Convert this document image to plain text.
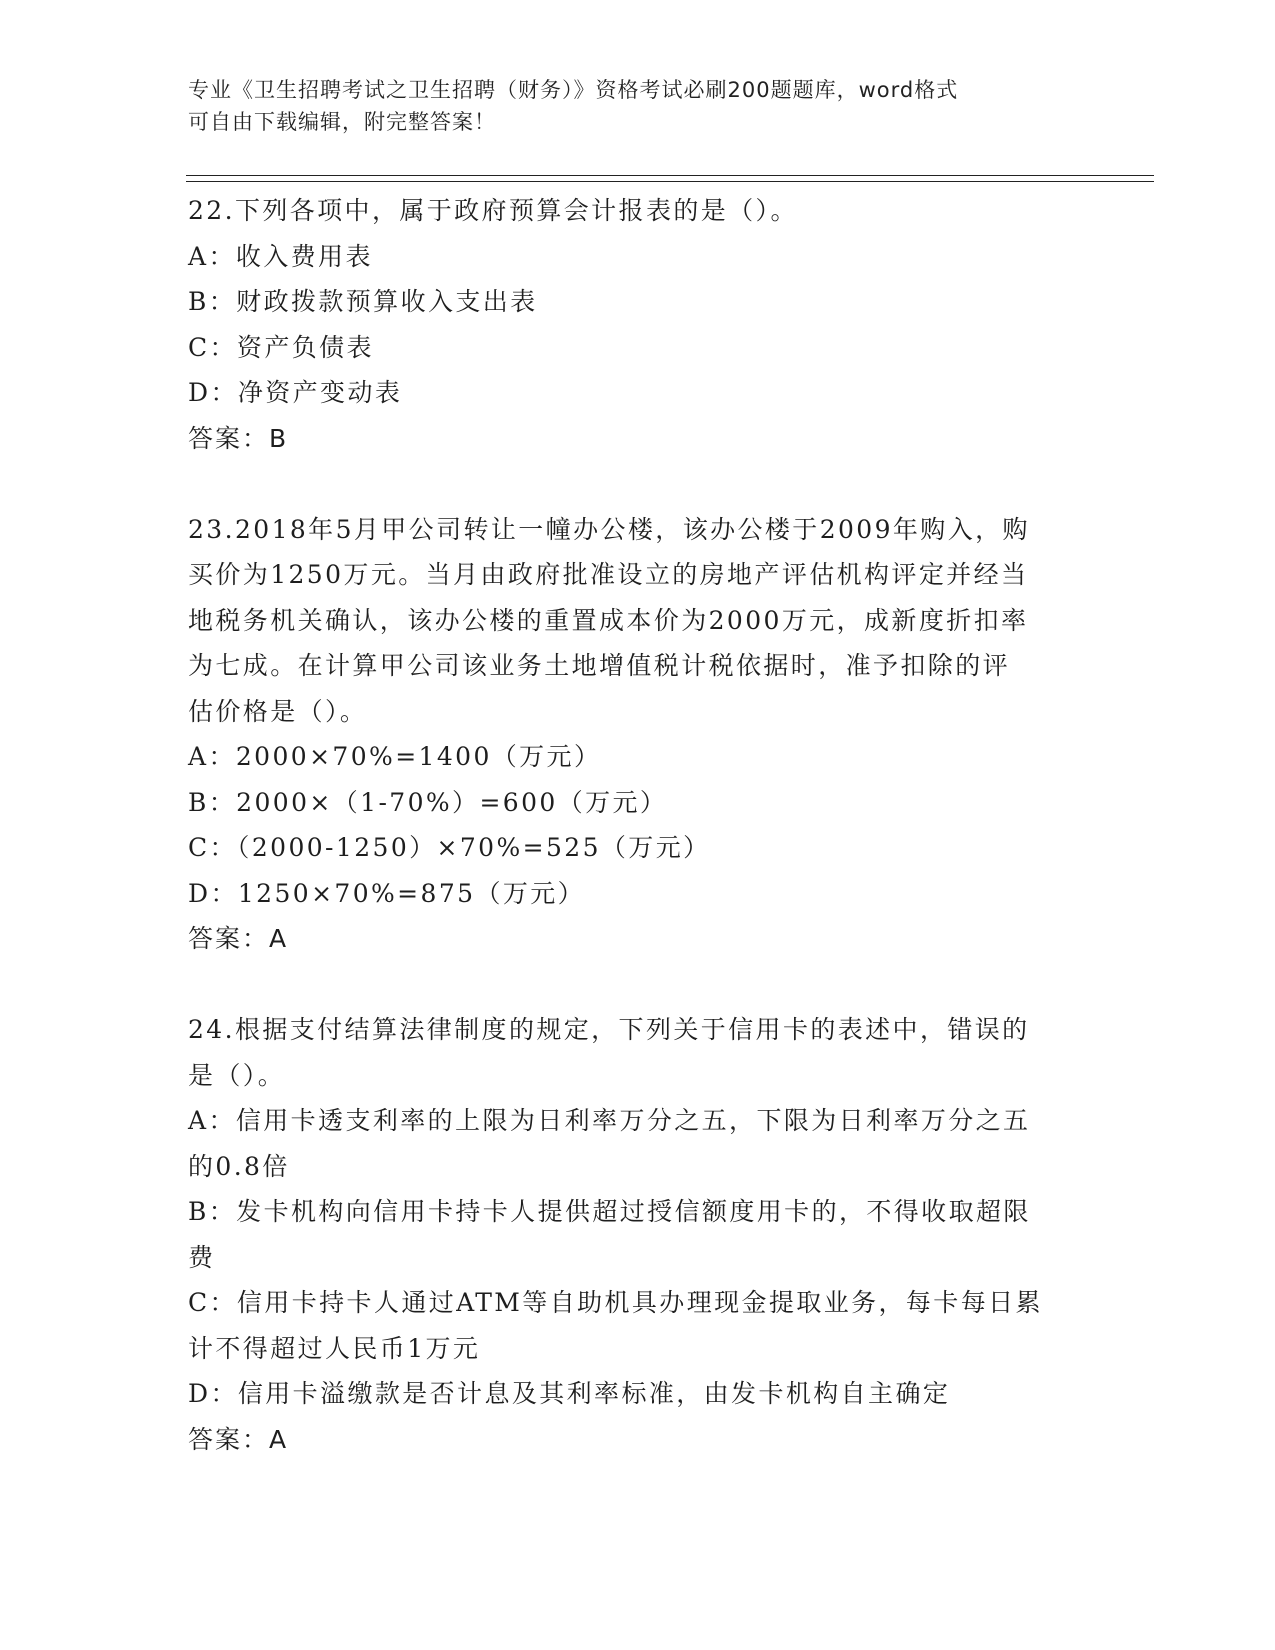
专业《卫生招聘考试之卫生招聘（财务）》资格考试必刷200题题库，word格式
可自由下载编辑，附完整答案！
22.下列各项中，属于政府预算会计报表的是（）。
A：收入费用表
B：财政拨款预算收入支出表
C：资产负债表
D：净资产变动表
答案：B
23.2018年5月甲公司转让一幢办公楼，该办公楼于2009年购入，购
买价为1250万元。当月由政府批准设立的房地产评估机构评定并经当
地税务机关确认，该办公楼的重置成本价为2000万元，成新度折扣率
为七成。在计算甲公司该业务土地增值税计税依据时，准予扣除的评
估价格是（）。
A：2000×70%=1400（万元）
B：2000×（1-70%）=600（万元）
C：（2000-1250）×70%=525（万元）
D：1250×70%=875（万元）
答案：A
24.根据支付结算法律制度的规定，下列关于信用卡的表述中，错误的
是（）。
A：信用卡透支利率的上限为日利率万分之五，下限为日利率万分之五
的0.8倍
B：发卡机构向信用卡持卡人提供超过授信额度用卡的，不得收取超限
费
C：信用卡持卡人通过ATM等自助机具办理现金提取业务，每卡每日累
计不得超过人民币1万元
D：信用卡溢缴款是否计息及其利率标准，由发卡机构自主确定
答案：A
